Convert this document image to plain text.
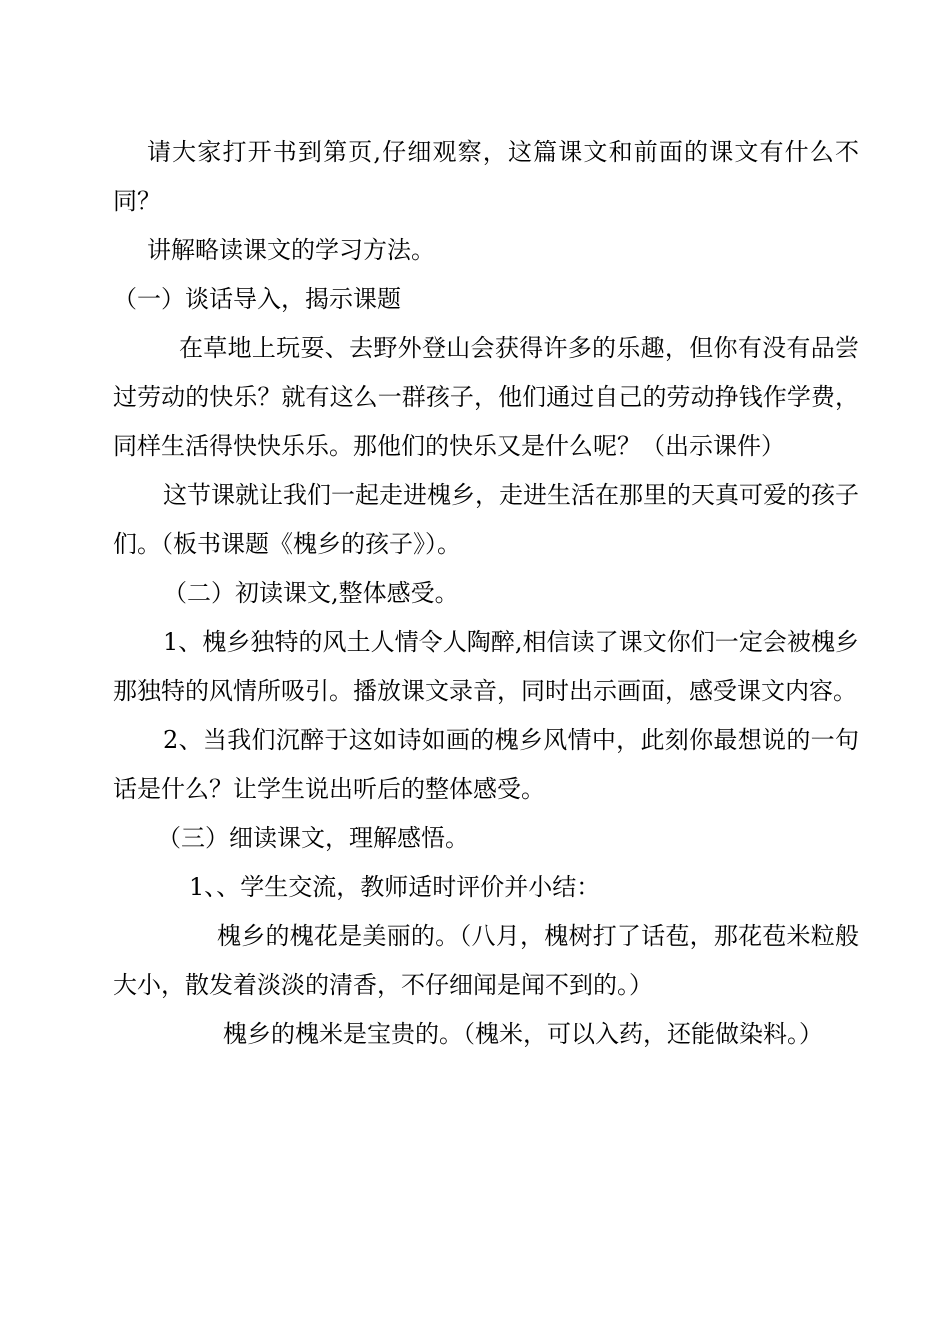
请大家打开书到第页,仔细观察，这篇课文和前面的课文有什么不同？

讲解略读课文的学习方法。

（一）谈话导入，揭示课题

在草地上玩耍、去野外登山会获得许多的乐趣，但你有没有品尝过劳动的快乐？就有这么一群孩子，他们通过自己的劳动挣钱作学费，同样生活得快快乐乐。那他们的快乐又是什么呢？（出示课件）

这节课就让我们一起走进槐乡，走进生活在那里的天真可爱的孩子们。（板书课题《槐乡的孩子》）。

（二）初读课文,整体感受。

1、槐乡独特的风土人情令人陶醉,相信读了课文你们一定会被槐乡那独特的风情所吸引。播放课文录音，同时出示画面，感受课文内容。

2、当我们沉醉于这如诗如画的槐乡风情中，此刻你最想说的一句话是什么？让学生说出听后的整体感受。

（三）细读课文，理解感悟。

1、、学生交流，教师适时评价并小结：

槐乡的槐花是美丽的。（八月，槐树打了话苞，那花苞米粒般大小，散发着淡淡的清香，不仔细闻是闻不到的。）

槐乡的槐米是宝贵的。（槐米，可以入药，还能做染料。）
